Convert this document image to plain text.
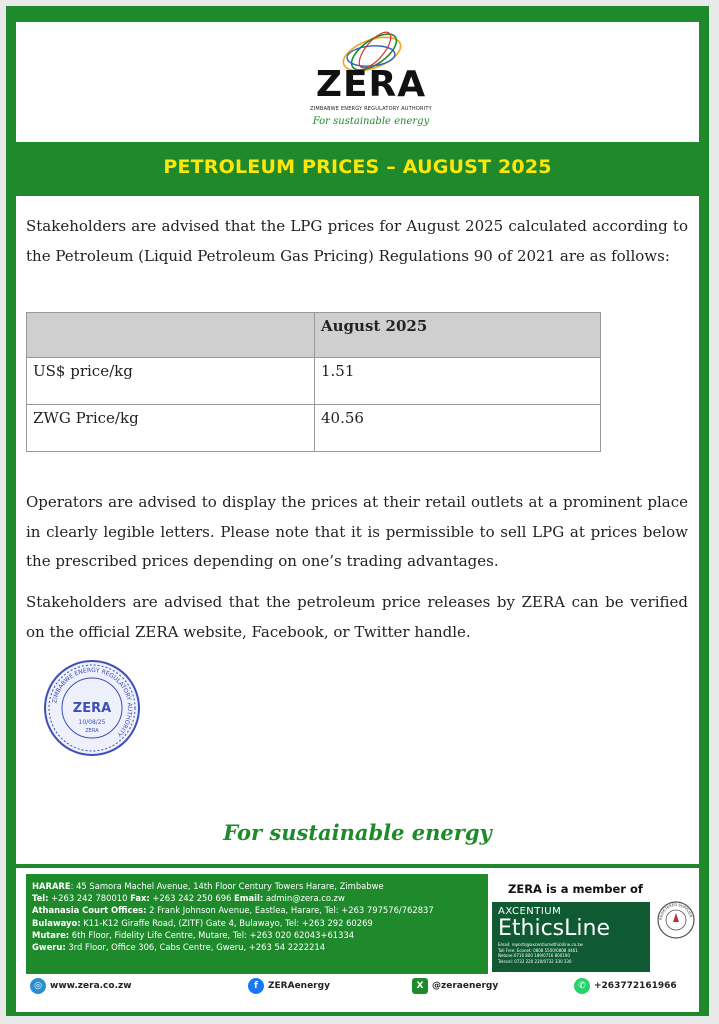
ZERA
ZIMBABWE ENERGY REGULATORY AUTHORITY
For sustainable energy
PETROLEUM PRICES – AUGUST 2025
Stakeholders are advised that the LPG prices for August 2025 calculated according to the Petroleum (Liquid Petroleum Gas Pricing) Regulations 90 of 2021 are as follows:
	August 2025
US$ price/kg	1.51
ZWG Price/kg	40.56
Operators are advised to display the prices at their retail outlets at a prominent place in clearly legible letters. Please note that it is permissible to sell LPG at prices below the prescribed prices depending on one’s trading advantages.
Stakeholders are advised that the petroleum price releases by ZERA can be verified on the official ZERA website, Facebook, or Twitter handle.
ZIMBABWE ENERGY REGULATORY AUTHORITY
ZERA
10/08/25
ZERA
For sustainable energy
HARARE: 45 Samora Machel Avenue, 14th Floor Century Towers Harare, Zimbabwe
Tel: +263 242 780010 Fax: +263 242 250 696 Email: admin@zera.co.zw
Athanasia Court Offices: 2 Frank Johnson Avenue, Eastlea, Harare, Tel: +263 797576/762837
Bulawayo: K11-K12 Giraffe Road, (ZITF) Gate 4, Bulawayo, Tel: +263 292 60269
Mutare: 6th Floor, Fidelity Life Centre, Mutare, Tel: +263 020 62043+61334
Gweru: 3rd Floor, Office 306, Cabs Centre, Gweru, +263 54 2222214
ZERA is a member of
AXCENTIUM
EthicsLine
Email: reports@axcentiumethicsline.co.zw
Toll Free: Econet: 0808 5500/0808 4461
Netone:0716 800 189/0716 800190
Telecel: 0732 220 220/0732 330 330
REGISTERED SUPPLIER
◎ www.zera.co.zw	f	ZERAenergy	X @zeraenergy	✆ +263772161966
